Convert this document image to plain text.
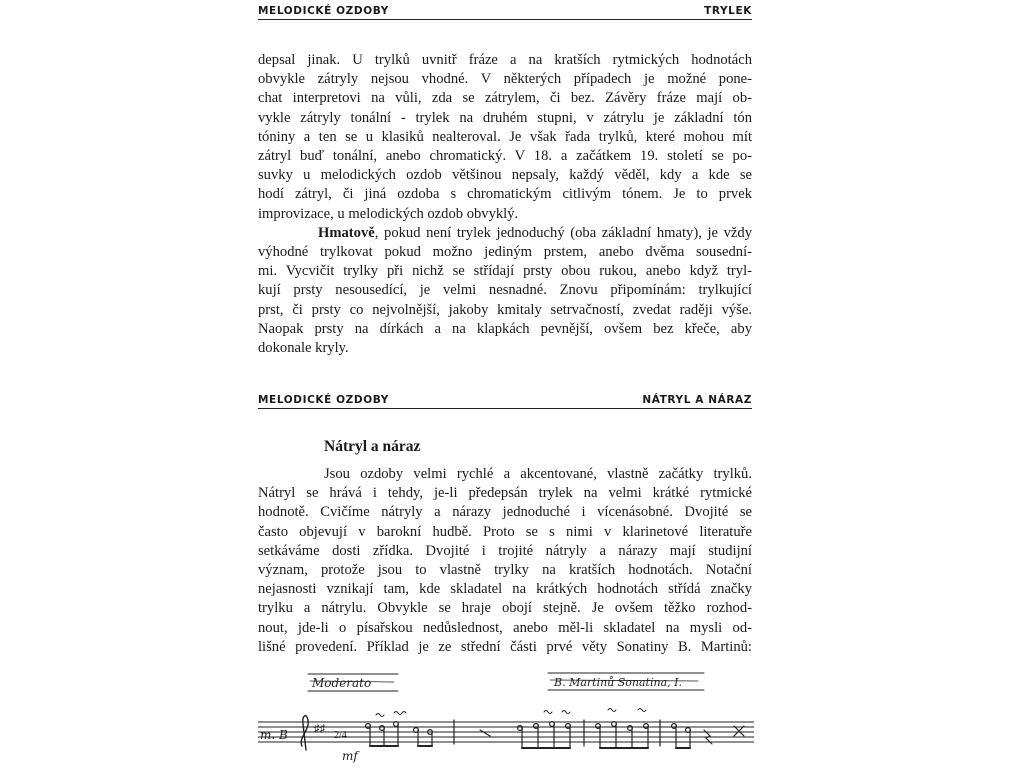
MELODICKÉ OZDOBY	TRYLEK

depsal jinak. U trylků uvnitř fráze a na kratších rytmických hodnotách
obvykle zátryly nejsou vhodné. V některých případech je možné pone-
chat interpretovi na vůli, zda se zátrylem, či bez. Závěry fráze mají ob-
vykle zátryly tonální - trylek na druhém stupni, v zátrylu je základní tón
tóniny a ten se u klasiků nealteroval. Je však řada trylků, které mohou mít
zátryl buď tonální, anebo chromatický. V 18. a začátkem 19. století se po-
suvky u melodických ozdob většinou nepsaly, každý věděl, kdy a kde se
hodí zátryl, či jiná ozdoba s chromatickým citlivým tónem. Je to prvek
improvizace, u melodických ozdob obvyklý.

Hmatově, pokud není trylek jednoduchý (oba základní hmaty), je vždy
výhodné trylkovat pokud možno jediným prstem, anebo dvěma sousední-
mi. Vycvičit trylky při nichž se střídají prsty obou rukou, anebo když tryl-
kují prsty nesousedící, je velmi nesnadné. Znovu připomínám: trylkující
prst, či prsty co nejvolnější, jakoby kmitaly setrvačností, zvedat raději výše.
Naopak prsty na dírkách a na klapkách pevnější, ovšem bez křeče, aby
dokonale kryly.

MELODICKÉ OZDOBY	NÁTRYL A NÁRAZ
Nátryl a náraz

Jsou ozdoby velmi rychlé a akcentované, vlastně začátky trylků.
Nátryl se hrává i tehdy, je-li předepsán trylek na velmi krátké rytmické
hodnotě. Cvičíme nátryly a nárazy jednoduché i vícenásobné. Dvojité se
často objevují v barokní hudbě. Proto se s nimi v klarinetové literatuře
setkáváme dosti zřídka. Dvojité i trojité nátryly a nárazy mají studijní
význam, protože jsou to vlastně trylky na kratších hodnotách. Notační
nejasnosti vznikají tam, kde skladatel na krátkých hodnotách střídá značky
trylku a nátrylu. Obvykle se hraje obojí stejně. Je ovšem těžko rozhod-
nout, jde-li o písařskou nedůslednost, anebo měl-li skladatel na mysli od-
lišné provedení. Příklad je ze střední části prvé věty Sonatiny B. Martinů:

Moderato	B. Martinů Sonatina, I.
m. B ♯♯
2/4
mf
